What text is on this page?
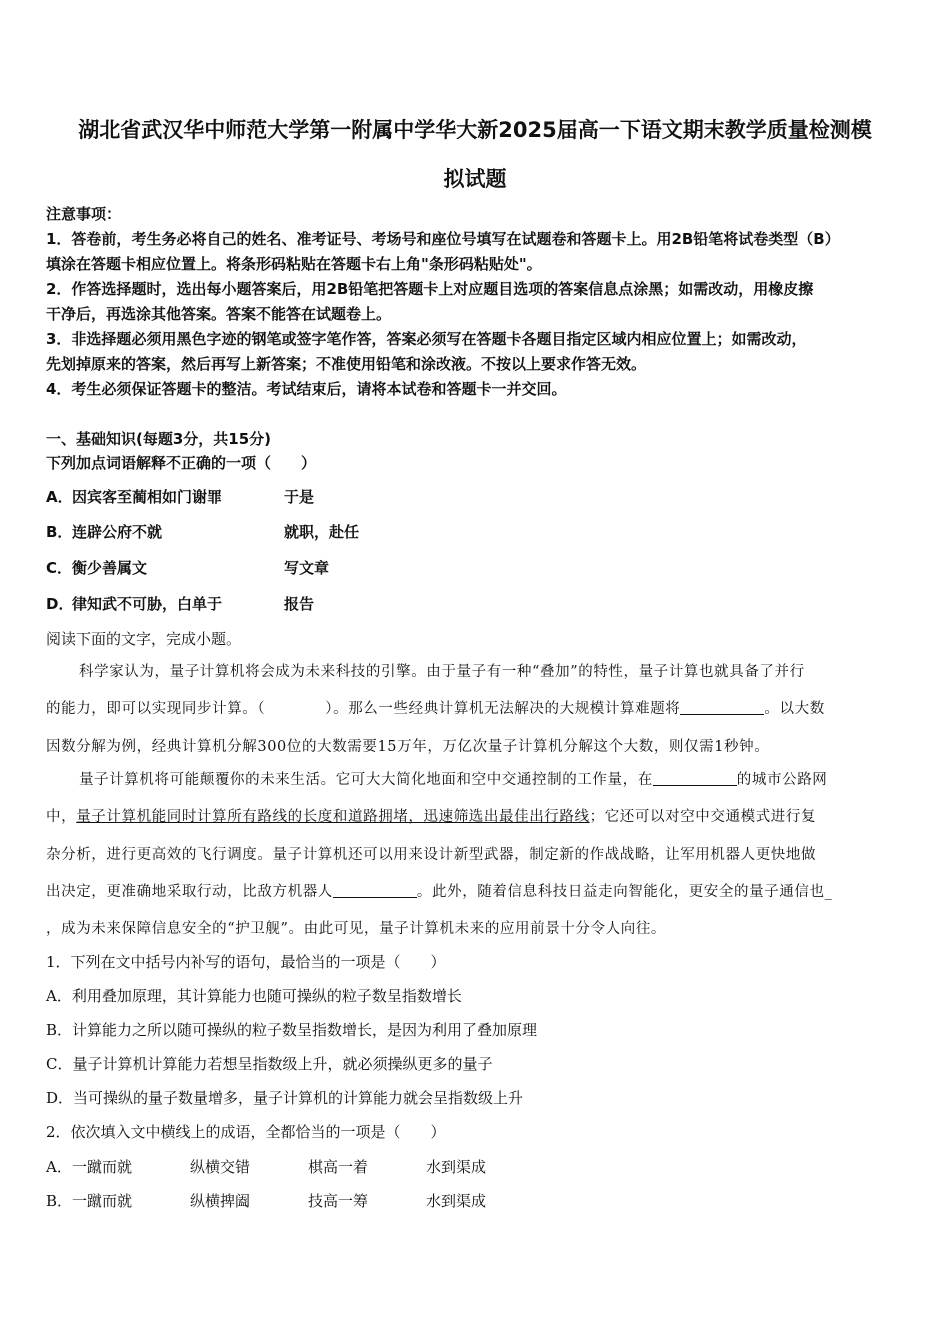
湖北省武汉华中师范大学第一附属中学华大新2025届高一下语文期末教学质量检测模
拟试题
注意事项：
1．答卷前，考生务必将自己的姓名、准考证号、考场号和座位号填写在试题卷和答题卡上。用2B铅笔将试卷类型（B）
填涂在答题卡相应位置上。将条形码粘贴在答题卡右上角"条形码粘贴处"。
2．作答选择题时，选出每小题答案后，用2B铅笔把答题卡上对应题目选项的答案信息点涂黑；如需改动，用橡皮擦
干净后，再选涂其他答案。答案不能答在试题卷上。
3．非选择题必须用黑色字迹的钢笔或签字笔作答，答案必须写在答题卡各题目指定区域内相应位置上；如需改动，
先划掉原来的答案，然后再写上新答案；不准使用铅笔和涂改液。不按以上要求作答无效。
4．考生必须保证答题卡的整洁。考试结束后，请将本试卷和答题卡一并交回。
一、基础知识(每题3分，共15分)
下列加点词语解释不正确的一项（　　）
A．因宾客至蔺相如门谢罪	于是
B．连辟公府不就	就职，赴任
C．衡少善属文	写文章
D．律知武不可胁，白单于	报告
阅读下面的文字，完成小题。
科学家认为，量子计算机将会成为未来科技的引擎。由于量子有一种“叠加”的特性，量子计算也就具备了并行
的能力，即可以实现同步计算。（	）。那么一些经典计算机无法解决的大规模计算难题将	。以大数
因数分解为例，经典计算机分解300位的大数需要15万年，万亿次量子计算机分解这个大数，则仅需1秒钟。
量子计算机将可能颠覆你的未来生活。它可大大简化地面和空中交通控制的工作量，在	的城市公路网
中，量子计算机能同时计算所有路线的长度和道路拥堵，迅速筛选出最佳出行路线；它还可以对空中交通模式进行复
杂分析，进行更高效的飞行调度。量子计算机还可以用来设计新型武器，制定新的作战战略，让军用机器人更快地做
出决定，更准确地采取行动，比敌方机器人	。此外，随着信息科技日益走向智能化，更安全的量子通信也_
，成为未来保障信息安全的“护卫舰”。由此可见，量子计算机未来的应用前景十分令人向往。
1．下列在文中括号内补写的语句，最恰当的一项是（　　）
A．利用叠加原理，其计算能力也随可操纵的粒子数呈指数增长
B．计算能力之所以随可操纵的粒子数呈指数增长，是因为利用了叠加原理
C．量子计算机计算能力若想呈指数级上升，就必须操纵更多的量子
D．当可操纵的量子数量增多，量子计算机的计算能力就会呈指数级上升
2．依次填入文中横线上的成语，全都恰当的一项是（　　）
A．一蹴而就	纵横交错	棋高一着	水到渠成
B．一蹴而就	纵横捭阖	技高一筹	水到渠成
